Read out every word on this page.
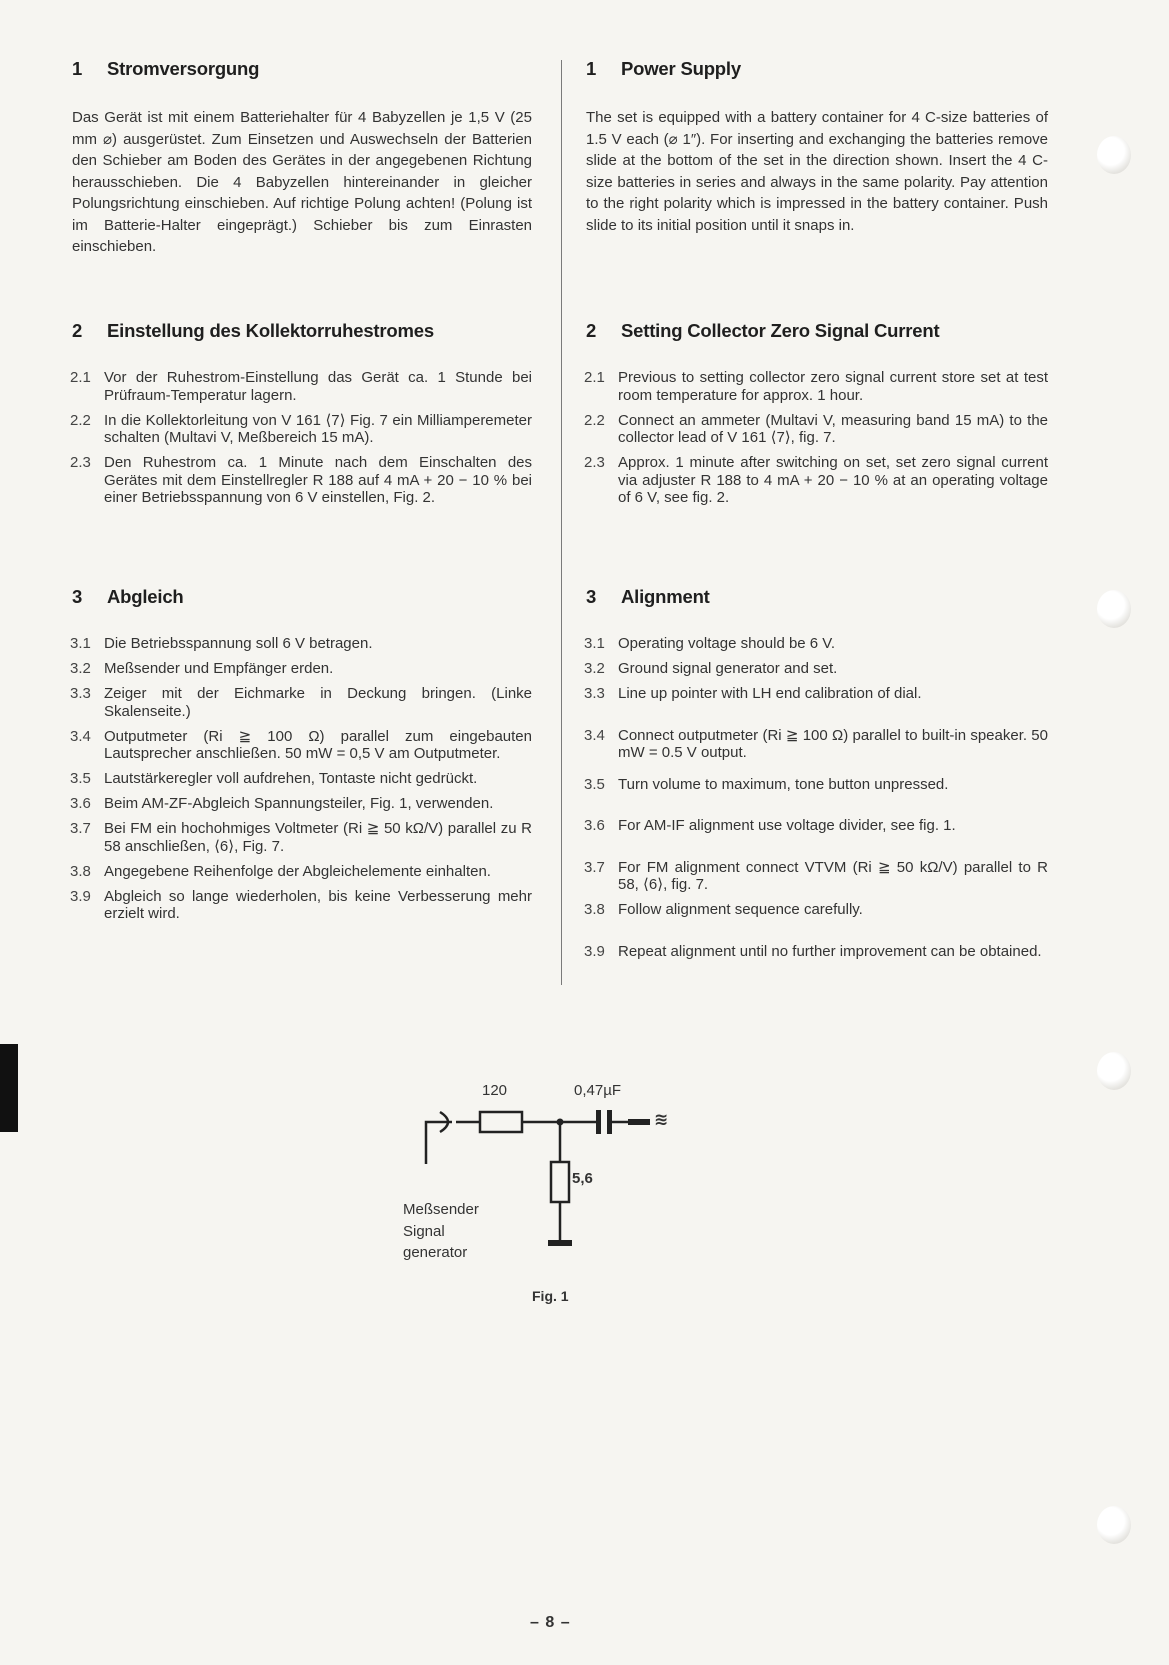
1	Stromversorgung

Das Gerät ist mit einem Batteriehalter für 4 Babyzellen je 1,5 V (25 mm ⌀) ausgerüstet. Zum Einsetzen und Auswechseln der Batterien den Schieber am Boden des Gerätes in der angegebenen Richtung herausschieben. Die 4 Babyzellen hintereinander in gleicher Polungsrichtung einschieben. Auf richtige Polung achten! (Polung ist im Batterie-Halter eingeprägt.) Schieber bis zum Einrasten einschieben.

2	Einstellung des Kollektorruhestromes
2.1 Vor der Ruhestrom-Einstellung das Gerät ca. 1 Stunde bei Prüfraum-Temperatur lagern.
2.2 In die Kollektorleitung von V 161 ⟨7⟩ Fig. 7 ein Milliamperemeter schalten (Multavi V, Meßbereich 15 mA).
2.3 Den Ruhestrom ca. 1 Minute nach dem Einschalten des Gerätes mit dem Einstellregler R 188 auf 4 mA + 20 − 10 % bei einer Betriebsspannung von 6 V einstellen, Fig. 2.
3	Abgleich
3.1 Die Betriebsspannung soll 6 V betragen.
3.2 Meßsender und Empfänger erden.
3.3 Zeiger mit der Eichmarke in Deckung bringen. (Linke Skalenseite.)
3.4 Outputmeter (Ri ≧ 100 Ω) parallel zum eingebauten Lautsprecher anschließen. 50 mW = 0,5 V am Outputmeter.
3.5 Lautstärkeregler voll aufdrehen, Tontaste nicht gedrückt.
3.6 Beim AM-ZF-Abgleich Spannungsteiler, Fig. 1, verwenden.
3.7 Bei FM ein hochohmiges Voltmeter (Ri ≧ 50 kΩ/V) parallel zu R 58 anschließen, ⟨6⟩, Fig. 7.
3.8 Angegebene Reihenfolge der Abgleichelemente einhalten.
3.9 Abgleich so lange wiederholen, bis keine Verbesserung mehr erzielt wird.
1	Power Supply

The set is equipped with a battery container for 4 C-size batteries of 1.5 V each (⌀ 1″). For inserting and exchanging the batteries remove slide at the bottom of the set in the direction shown. Insert the 4 C-size batteries in series and always in the same polarity. Pay attention to the right polarity which is impressed in the battery container. Push slide to its initial position until it snaps in.

2	Setting Collector Zero Signal Current
2.1 Previous to setting collector zero signal current store set at test room temperature for approx. 1 hour.
2.2 Connect an ammeter (Multavi V, measuring band 15 mA) to the collector lead of V 161 ⟨7⟩, fig. 7.
2.3 Approx. 1 minute after switching on set, set zero signal current via adjuster R 188 to 4 mA + 20 − 10 % at an operating voltage of 6 V, see fig. 2.
3	Alignment
3.1 Operating voltage should be 6 V.
3.2 Ground signal generator and set.
3.3 Line up pointer with LH end calibration of dial.
3.4 Connect outputmeter (Ri ≧ 100 Ω) parallel to built-in speaker. 50 mW = 0.5 V output.
3.5 Turn volume to maximum, tone button unpressed.
3.6 For AM-IF alignment use voltage divider, see fig. 1.
3.7 For FM alignment connect VTVM (Ri ≧ 50 kΩ/V) parallel to R 58, ⟨6⟩, fig. 7.
3.8 Follow alignment sequence carefully.
3.9 Repeat alignment until no further improvement can be obtained.
120	0,47µF
5,6
≋
Meßsender
Signal
generator
Fig. 1
– 8 –
